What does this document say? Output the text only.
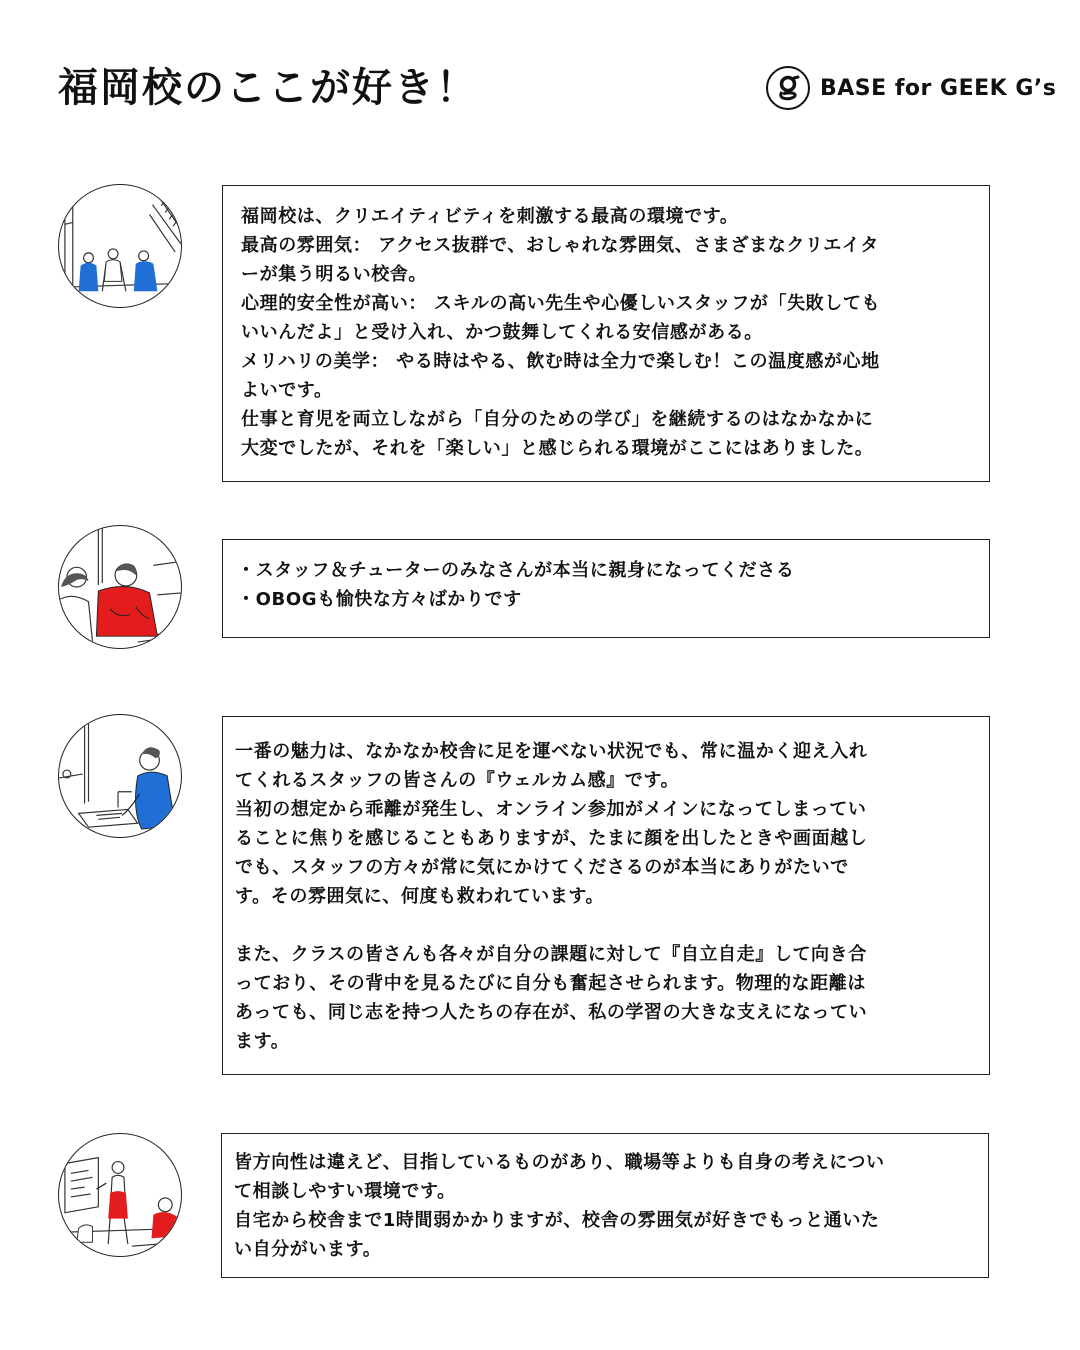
福岡校のここが好き！	BASE for GEEK G’s

福岡校は、クリエイティビティを刺激する最高の環境です。
最高の雰囲気： アクセス抜群で、おしゃれな雰囲気、さまざまなクリエイタ
ーが集う明るい校舎。
心理的安全性が高い： スキルの高い先生や心優しいスタッフが「失敗しても
いいんだよ」と受け入れ、かつ鼓舞してくれる安信感がある。
メリハリの美学： やる時はやる、飲む時は全力で楽しむ！この温度感が心地
よいです。
仕事と育児を両立しながら「自分のための学び」を継続するのはなかなかに
大変でしたが、それを「楽しい」と感じられる環境がここにはありました。

・スタッフ＆チューターのみなさんが本当に親身になってくださる
・OBOGも愉快な方々ばかりです

一番の魅力は、なかなか校舎に足を運べない状況でも、常に温かく迎え入れ
てくれるスタッフの皆さんの『ウェルカム感』です。
当初の想定から乖離が発生し、オンライン参加がメインになってしまってい
ることに焦りを感じることもありますが、たまに顔を出したときや画面越し
でも、スタッフの方々が常に気にかけてくださるのが本当にありがたいで
す。その雰囲気に、何度も救われています。

また、クラスの皆さんも各々が自分の課題に対して『自立自走』して向き合
っており、その背中を見るたびに自分も奮起させられます。物理的な距離は
あっても、同じ志を持つ人たちの存在が、私の学習の大きな支えになってい
ます。

皆方向性は違えど、目指しているものがあり、職場等よりも自身の考えについ
て相談しやすい環境です。
自宅から校舎まで1時間弱かかりますが、校舎の雰囲気が好きでもっと通いた
い自分がいます。
